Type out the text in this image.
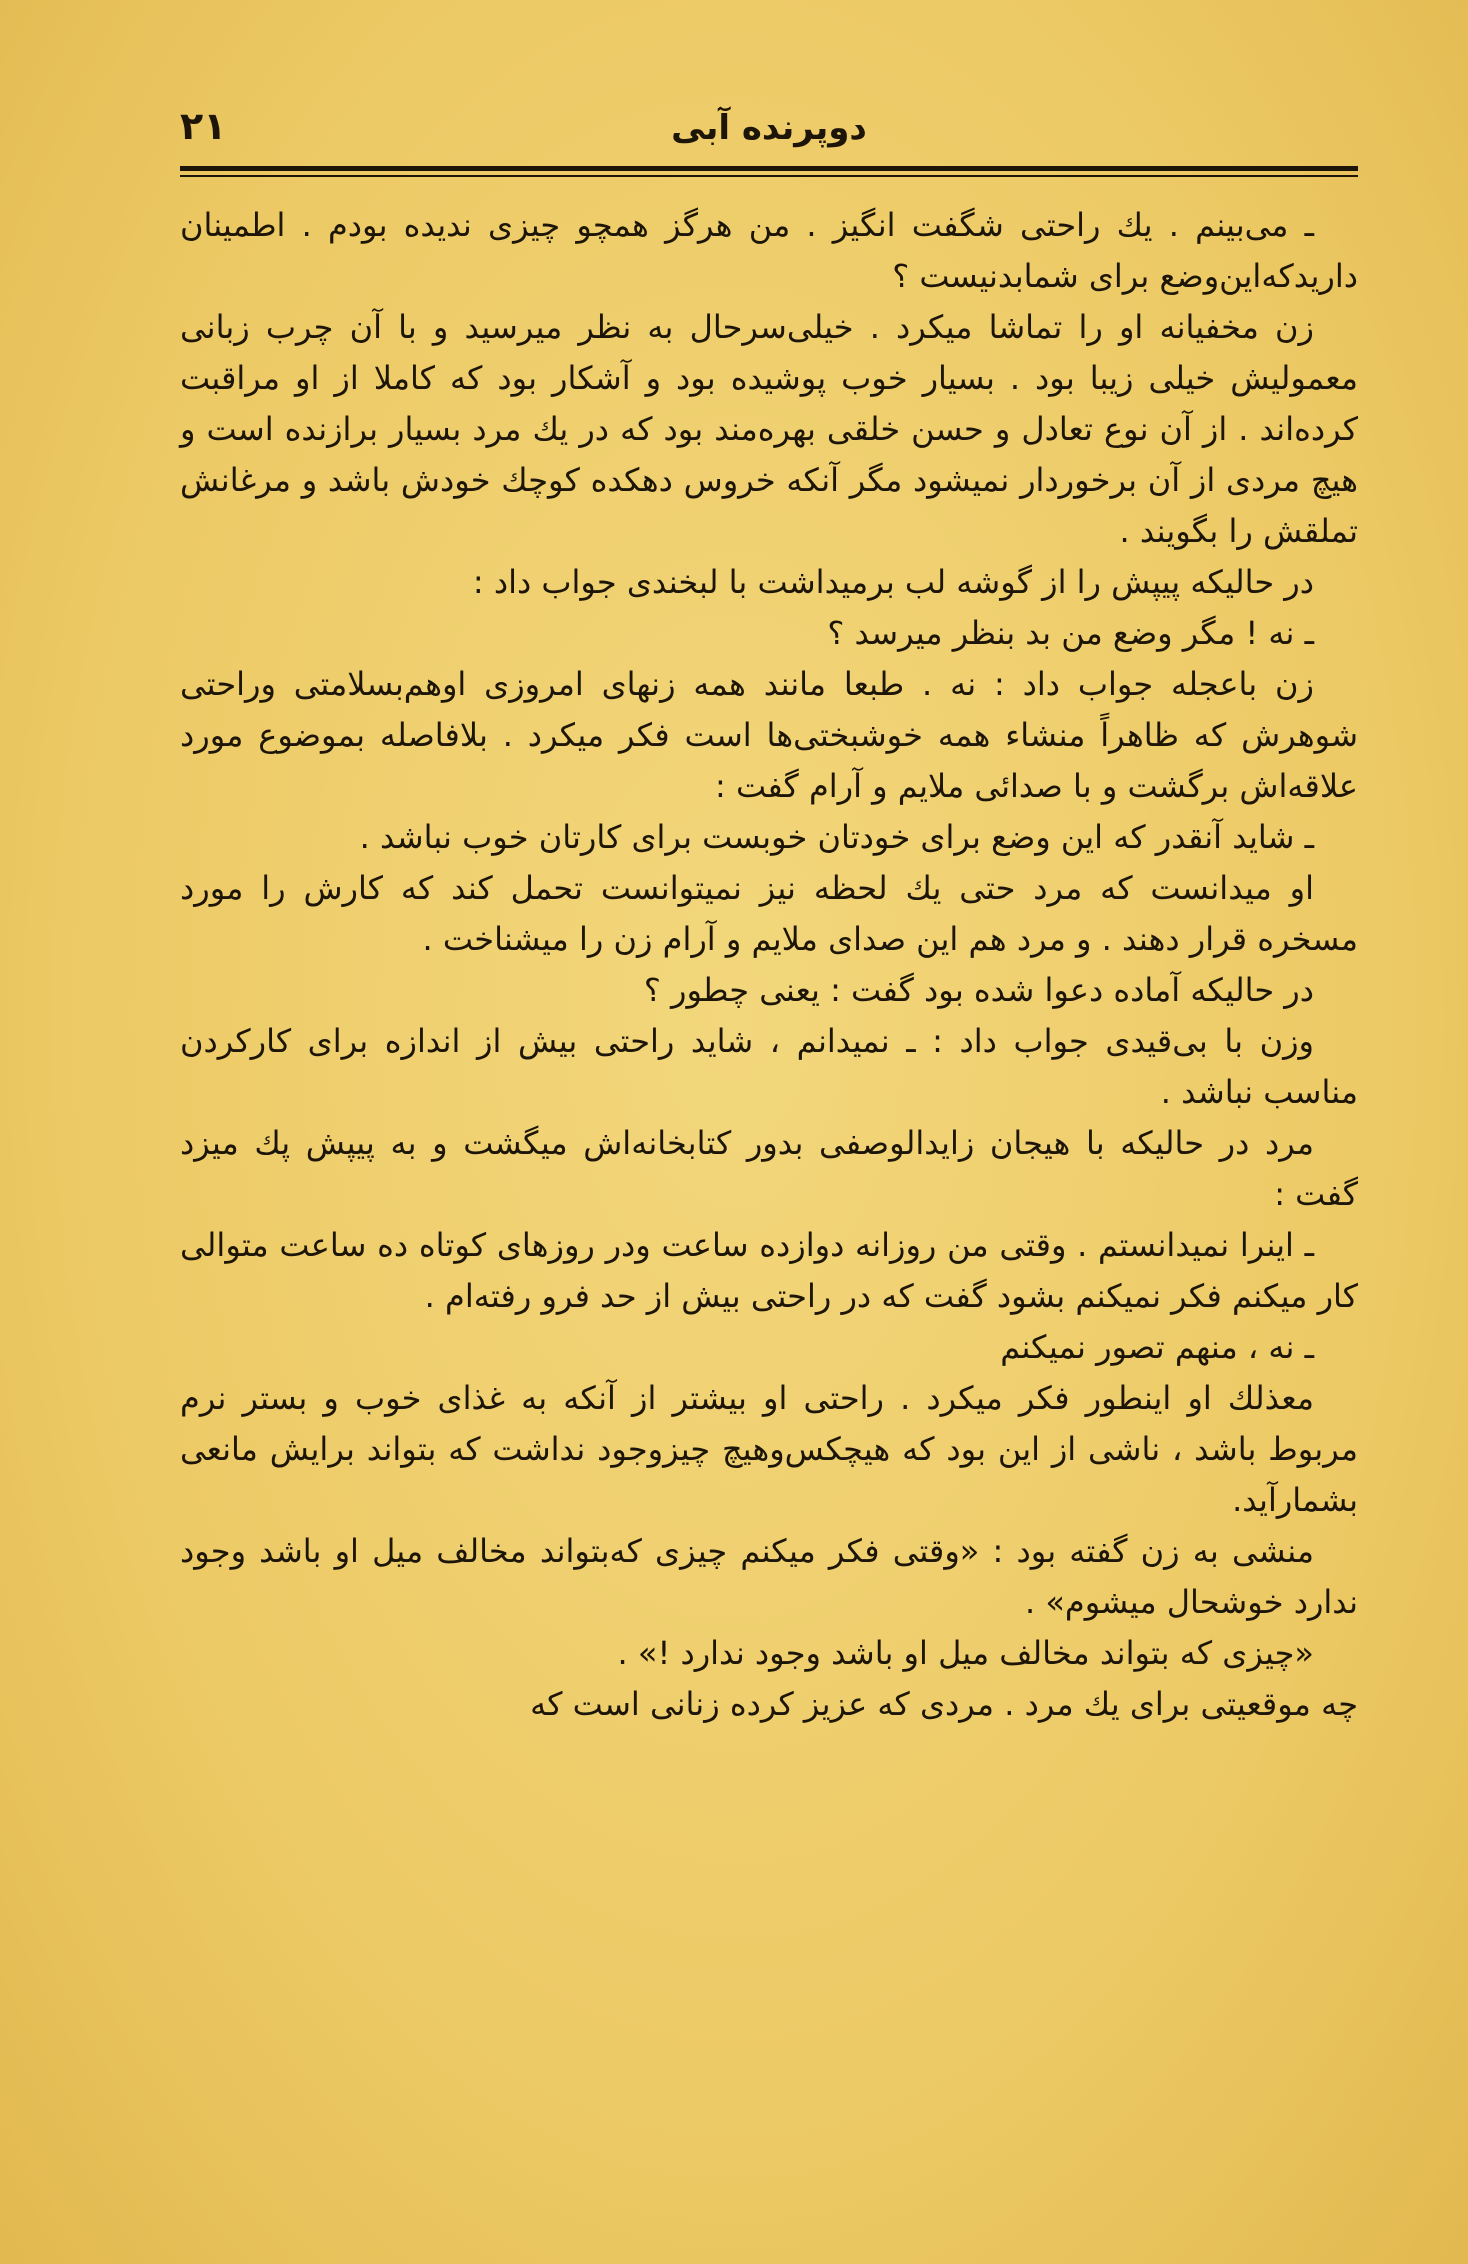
دوپرنده آبی
۲۱

ـ می‌بینم . یك راحتی شگفت انگیز . من هرگز همچو چیزی ندیده بودم . اطمینان داریدکه‌این‌وضع برای شمابدنیست ؟

زن مخفیانه او را تماشا میکرد . خیلی‌سرحال به نظر میرسید و با آن چرب زبانی معمولیش خیلی زیبا بود . بسیار خوب پوشیده بود و آشکار بود که کاملا از او مراقبت کرده‌اند . از آن نوع تعادل و حسن خلقی بهره‌مند بود که در یك مرد بسیار برازنده است و هیچ مردی از آن برخوردار نمیشود مگر آنکه خروس دهکده کوچك خودش باشد و مرغانش تملقش را بگویند .

در حالیکه پیپش را از گوشه لب برمیداشت با لبخندی جواب داد :

ـ نه ! مگر وضع من بد بنظر میرسد ؟

زن باعجله جواب داد : نه . طبعا مانند همه زنهای امروزی اوهم‌بسلامتی وراحتی شوهرش که ظاهراً منشاء همه خوشبختی‌ها است فکر میکرد . بلافاصله بموضوع مورد علاقه‌اش برگشت و با صدائی ملایم و آرام گفت :

ـ شاید آنقدر که این وضع برای خودتان خوبست برای کارتان خوب نباشد .

او میدانست که مرد حتی یك لحظه نیز نمیتوانست تحمل کند که کارش را مورد مسخره قرار دهند . و مرد هم این صدای ملایم و آرام زن را میشناخت .

در حالیکه آماده دعوا شده بود گفت : یعنی چطور ؟

وزن با بی‌قیدی جواب داد : ـ نمیدانم ، شاید راحتی بیش از اندازه برای کارکردن مناسب نباشد .

مرد در حالیکه با هیجان زایدالوصفی بدور کتابخانه‌اش میگشت و به پیپش پك میزد گفت :

ـ اینرا نمیدانستم . وقتی من روزانه دوازده ساعت ودر روزهای کوتاه ده ساعت متوالی کار میکنم فکر نمیکنم بشود گفت که در راحتی بیش از حد فرو رفته‌ام .

ـ نه ، منهم تصور نمیکنم

معذلك او اینطور فکر میکرد . راحتی او بیشتر از آنکه به غذای خوب و بستر نرم مربوط باشد ، ناشی از این بود که هیچکس‌وهیچ چیزوجود نداشت که بتواند برایش مانعی بشمارآید.

منشی به زن گفته بود : «وقتی فکر میکنم چیزی که‌بتواند مخالف میل او باشد وجود ندارد خوشحال میشوم» .

«چیزی که بتواند مخالف میل او باشد وجود ندارد !» .

چه موقعیتی برای یك مرد . مردی که عزیز کرده زنانی است که
